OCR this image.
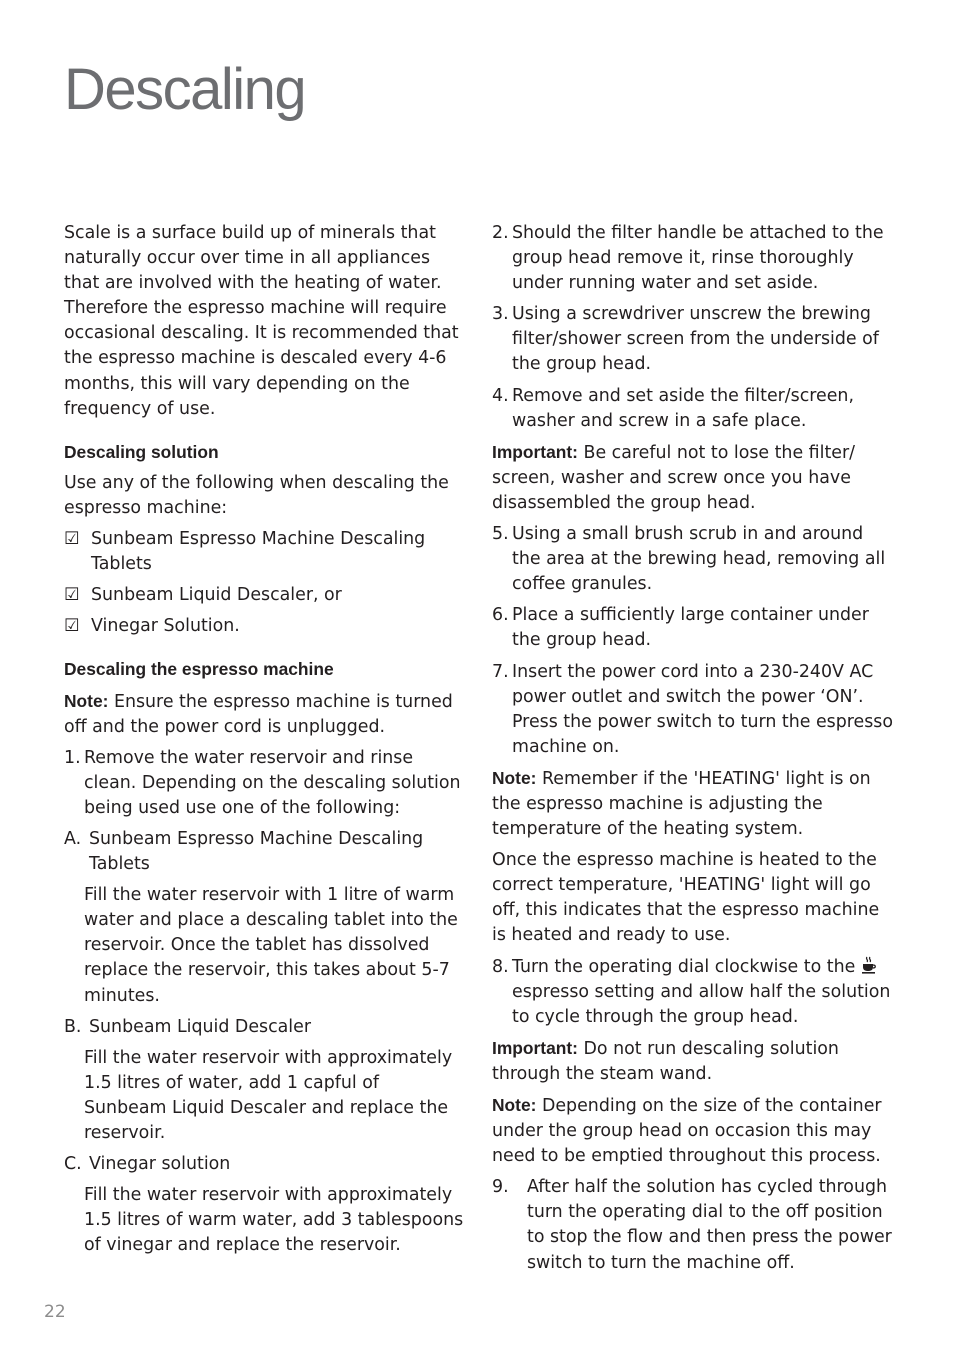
Descaling

Scale is a surface build up of minerals that naturally occur over time in all appliances that are involved with the heating of water. Therefore the espresso machine will require occasional descaling. It is recommended that the espresso machine is descaled every 4-6 months, this will vary depending on the frequency of use.

Descaling solution

Use any of the following when descaling the espresso machine:

☑ Sunbeam Espresso Machine Descaling Tablets

☑ Sunbeam Liquid Descaler, or

☑ Vinegar Solution.

Descaling the espresso machine

Note: Ensure the espresso machine is turned off and the power cord is unplugged.

1. Remove the water reservoir and rinse clean. Depending on the descaling solution being used use one of the following:

A. Sunbeam Espresso Machine Descaling Tablets

Fill the water reservoir with 1 litre of warm water and place a descaling tablet into the reservoir. Once the tablet has dissolved replace the reservoir, this takes about 5-7 minutes.

B. Sunbeam Liquid Descaler

Fill the water reservoir with approximately 1.5 litres of water, add 1 capful of Sunbeam Liquid Descaler and replace the reservoir.

C. Vinegar solution

Fill the water reservoir with approximately 1.5 litres of warm water, add 3 tablespoons of vinegar and replace the reservoir.

2. Should the filter handle be attached to the group head remove it, rinse thoroughly under running water and set aside.

3. Using a screwdriver unscrew the brewing filter/shower screen from the underside of the group head.

4. Remove and set aside the filter/screen, washer and screw in a safe place.

Important: Be careful not to lose the filter/ screen, washer and screw once you have disassembled the group head.

5. Using a small brush scrub in and around the area at the brewing head, removing all coffee granules.

6. Place a sufficiently large container under the group head.

7. Insert the power cord into a 230-240V AC power outlet and switch the power ‘ON’. Press the power switch to turn the espresso machine on.

Note: Remember if the 'HEATING' light is on the espresso machine is adjusting the temperature of the heating system.

Once the espresso machine is heated to the correct temperature, 'HEATING' light will go off, this indicates that the espresso machine is heated and ready to use.

8. Turn the operating dial clockwise to the  espresso setting and allow half the solution to cycle through the group head.

Important: Do not run descaling solution through the steam wand.

Note: Depending on the size of the container under the group head on occasion this may need to be emptied throughout this process.

9. After half the solution has cycled through turn the operating dial to the off position to stop the flow and then press the power switch to turn the machine off.

22
